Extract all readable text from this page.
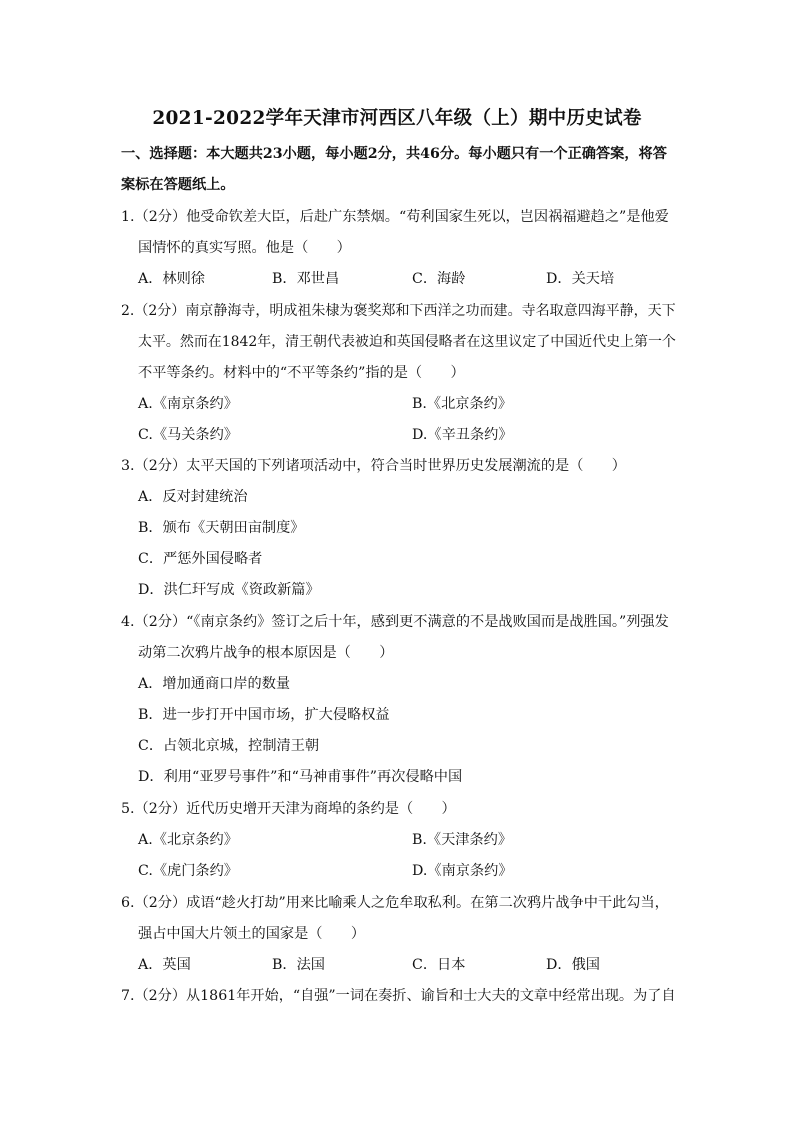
2021-2022学年天津市河西区八年级（上）期中历史试卷
一、选择题：本大题共23小题，每小题2分，共46分。每小题只有一个正确答案，将答
案标在答题纸上。
1.（2分）他受命钦差大臣，后赴广东禁烟。“苟利国家生死以，岂因祸福避趋之”是他爱
国情怀的真实写照。他是（　　）
A．林则徐	B．邓世昌	C．海龄	D．关天培
2.（2分）南京静海寺，明成祖朱棣为褒奖郑和下西洋之功而建。寺名取意四海平静，天下
太平。然而在1842年，清王朝代表被迫和英国侵略者在这里议定了中国近代史上第一个
不平等条约。材料中的“不平等条约”指的是（　　）
A.《南京条约》	B.《北京条约》
C.《马关条约》	D.《辛丑条约》
3.（2分）太平天国的下列诸项活动中，符合当时世界历史发展潮流的是（　　）
A．反对封建统治
B．颁布《天朝田亩制度》
C．严惩外国侵略者
D．洪仁玕写成《资政新篇》
4.（2分）“《南京条约》签订之后十年，感到更不满意的不是战败国而是战胜国。”列强发
动第二次鸦片战争的根本原因是（　　）
A．增加通商口岸的数量
B．进一步打开中国市场，扩大侵略权益
C．占领北京城，控制清王朝
D．利用“亚罗号事件”和“马神甫事件”再次侵略中国
5.（2分）近代历史增开天津为商埠的条约是（　　）
A.《北京条约》	B.《天津条约》
C.《虎门条约》	D.《南京条约》
6.（2分）成语“趁火打劫”用来比喻乘人之危牟取私利。在第二次鸦片战争中干此勾当，
强占中国大片领土的国家是（　　）
A．英国	B．法国	C．日本	D．俄国
7.（2分）从1861年开始，“自强”一词在奏折、谕旨和士大夫的文章中经常出现。为了自
